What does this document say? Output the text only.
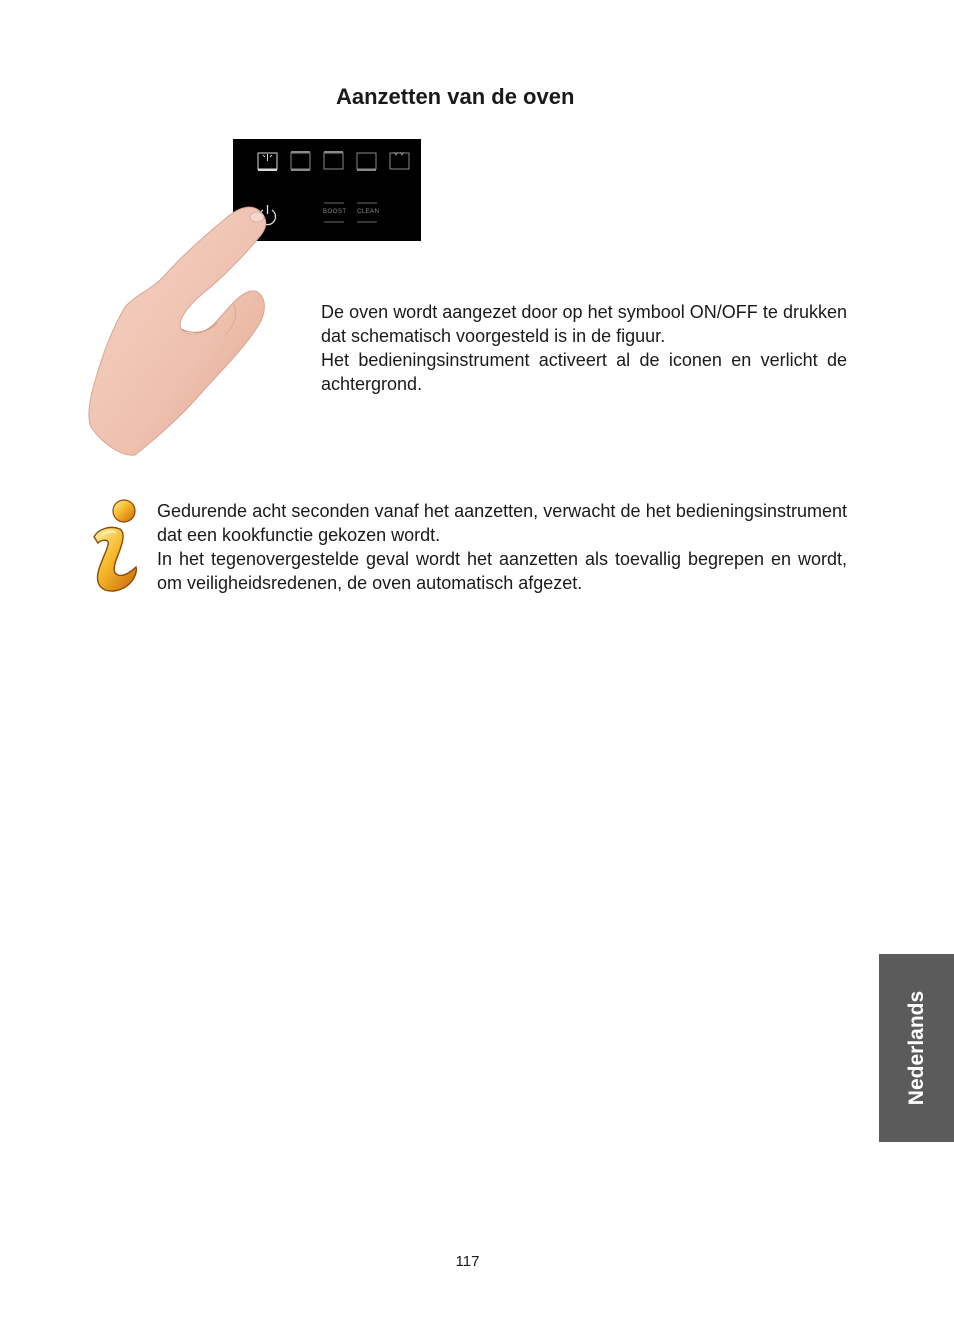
Aanzetten van de oven
BOOST CLEAN

De oven wordt aangezet door op het symbool ON/OFF te drukken dat schematisch voorgesteld is in de figuur.

Het bedieningsinstrument activeert al de iconen en verlicht de achtergrond.

Gedurende acht seconden vanaf het aanzetten, verwacht de het bedieningsinstrument dat een kookfunctie gekozen wordt.

In het tegenovergestelde geval wordt het aanzetten als toevallig begrepen en wordt, om veiligheidsredenen, de oven automatisch afgezet.

Nederlands
117
